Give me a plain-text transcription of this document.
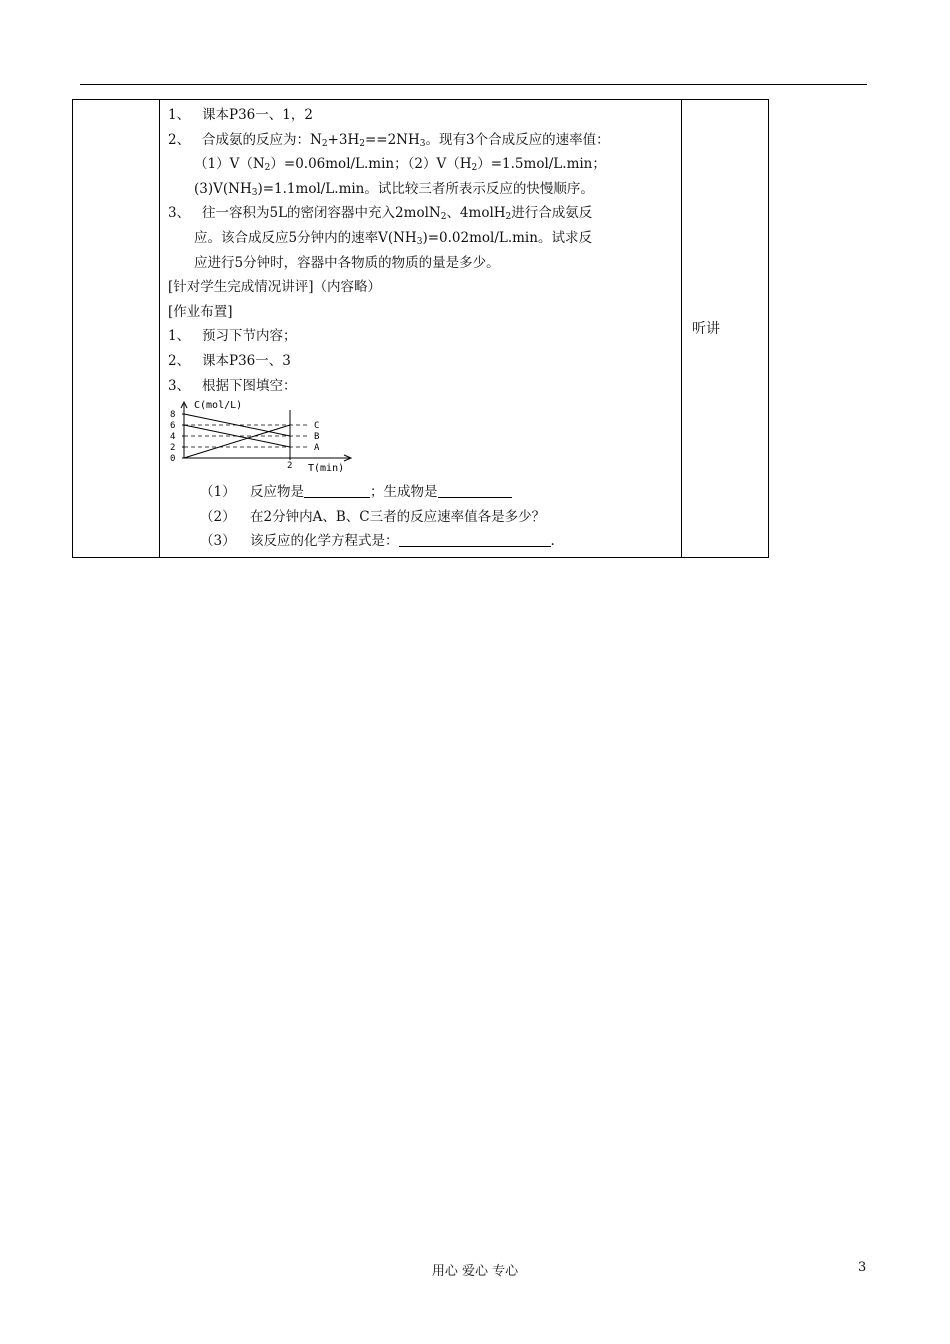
1、 课本P36一、1，2
2、 合成氨的反应为：$N_2+3H_2==2NH_3$。现有3个合成反应的速率值：
$(1)V(N_2)=0.06mol/L.\min$；$(2)V(H_2)=1.5mol/L.\min$；
$(3)V(NH_3)=1.1mol/L.\min$。试比较三者所表示反应的快慢顺序。
3、 往一容积为5L的密闭容器中充入2molN$_2$、4molH$_2$进行合成氨反
应。该合成反应5分钟内的速率$V(NH_3)=0.02mol/L.\min$。试求反
应进行5分钟时，容器中各物质的物质的量是多少。
[针对学生完成情况讲评]（内容略）
[作业布置]
1、 预习下节内容；
2、 课本P36一、3
3、 根据下图填空：
C(mol/L)
T(min)
8
6
4
2
0
2
C
B
A
（1） 反应物是	；生成物是
（2） 在2分钟内A、B、C三者的反应速率值各是多少？
（3） 该反应的化学方程式是：	.
	听讲
用心 爱心 专心	3
